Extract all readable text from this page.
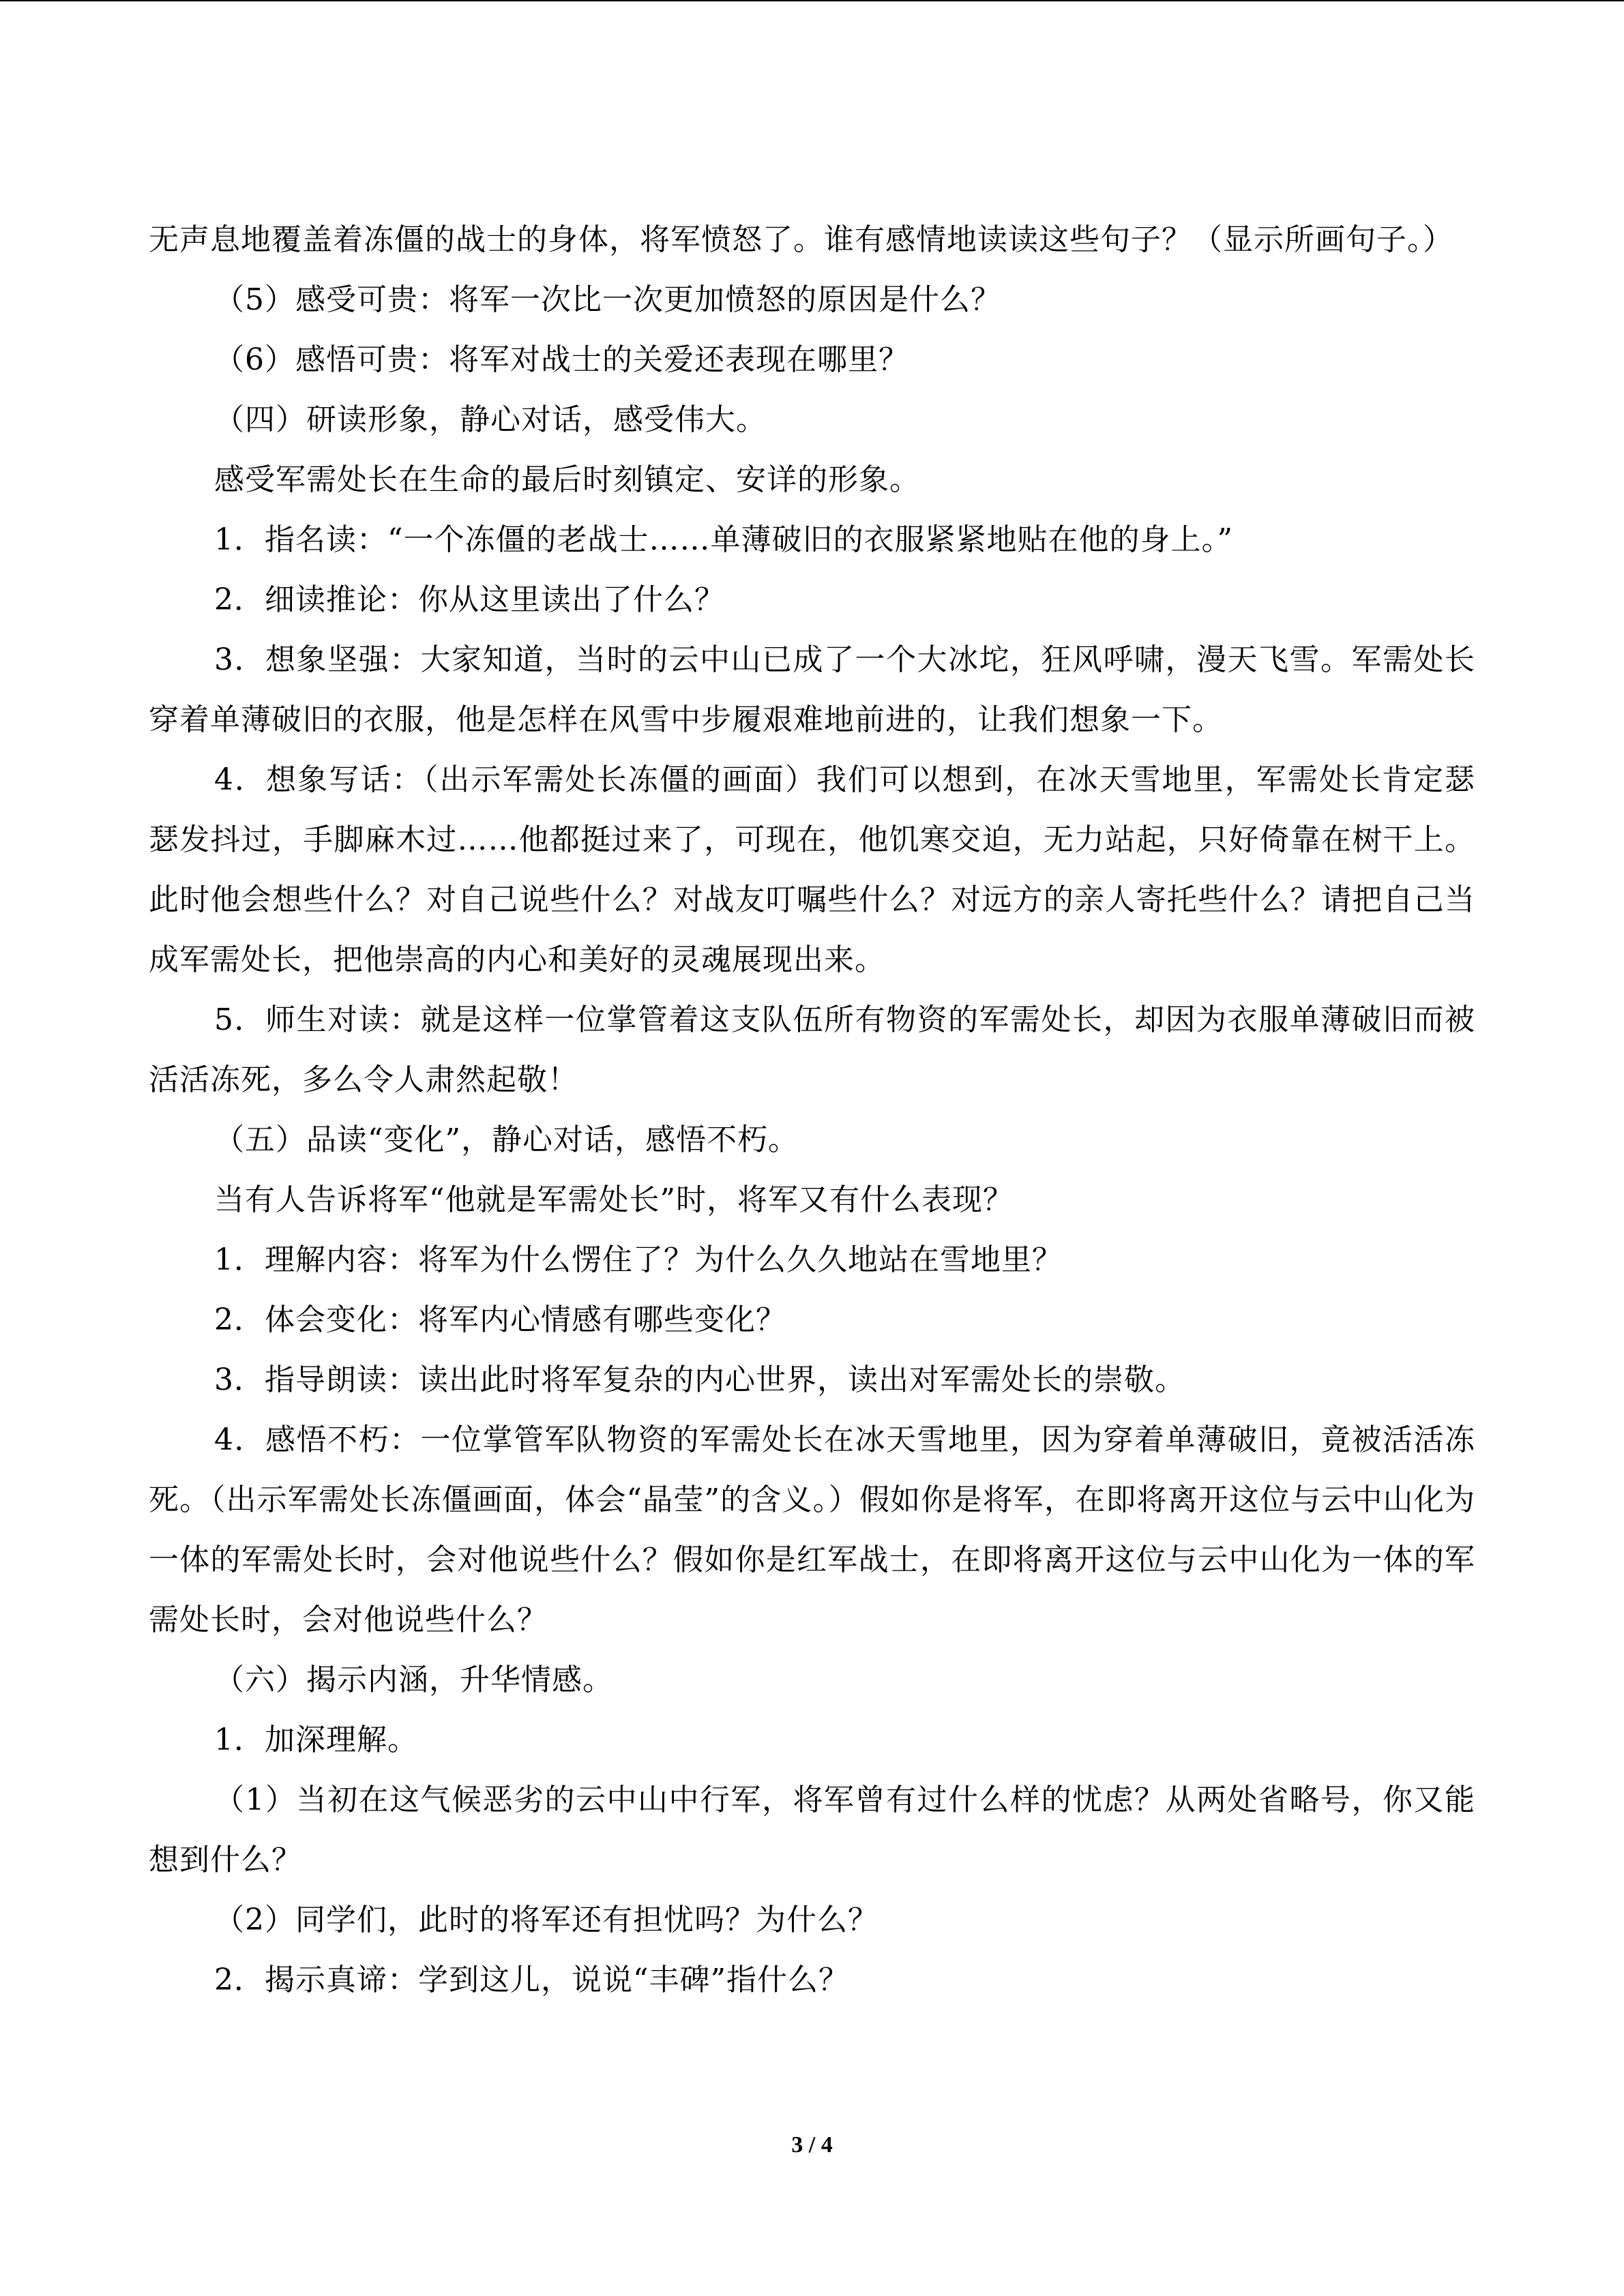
无声息地覆盖着冻僵的战士的身体，将军愤怒了。谁有感情地读读这些句子？（显示所画句子。）

（5）感受可贵：将军一次比一次更加愤怒的原因是什么？

（6）感悟可贵：将军对战士的关爱还表现在哪里？

（四）研读形象，静心对话，感受伟大。

感受军需处长在生命的最后时刻镇定、安详的形象。

1．指名读：“一个冻僵的老战士……单薄破旧的衣服紧紧地贴在他的身上。”

2．细读推论：你从这里读出了什么？

3．想象坚强：大家知道，当时的云中山已成了一个大冰坨，狂风呼啸，漫天飞雪。军需处长穿着单薄破旧的衣服，他是怎样在风雪中步履艰难地前进的，让我们想象一下。

4．想象写话：（出示军需处长冻僵的画面）我们可以想到，在冰天雪地里，军需处长肯定瑟瑟发抖过，手脚麻木过……他都挺过来了，可现在，他饥寒交迫，无力站起，只好倚靠在树干上。此时他会想些什么？对自己说些什么？对战友叮嘱些什么？对远方的亲人寄托些什么？请把自己当成军需处长，把他崇高的内心和美好的灵魂展现出来。

5．师生对读：就是这样一位掌管着这支队伍所有物资的军需处长，却因为衣服单薄破旧而被活活冻死，多么令人肃然起敬！

（五）品读“变化”，静心对话，感悟不朽。

当有人告诉将军“他就是军需处长”时，将军又有什么表现？

1．理解内容：将军为什么愣住了？为什么久久地站在雪地里？

2．体会变化：将军内心情感有哪些变化？

3．指导朗读：读出此时将军复杂的内心世界，读出对军需处长的崇敬。

4．感悟不朽：一位掌管军队物资的军需处长在冰天雪地里，因为穿着单薄破旧，竟被活活冻死。（出示军需处长冻僵画面，体会“晶莹”的含义。）假如你是将军，在即将离开这位与云中山化为一体的军需处长时，会对他说些什么？假如你是红军战士，在即将离开这位与云中山化为一体的军需处长时，会对他说些什么？

（六）揭示内涵，升华情感。

1．加深理解。

（1）当初在这气候恶劣的云中山中行军，将军曾有过什么样的忧虑？从两处省略号，你又能想到什么？

（2）同学们，此时的将军还有担忧吗？为什么？

2．揭示真谛：学到这儿，说说“丰碑”指什么？

3 / 4
